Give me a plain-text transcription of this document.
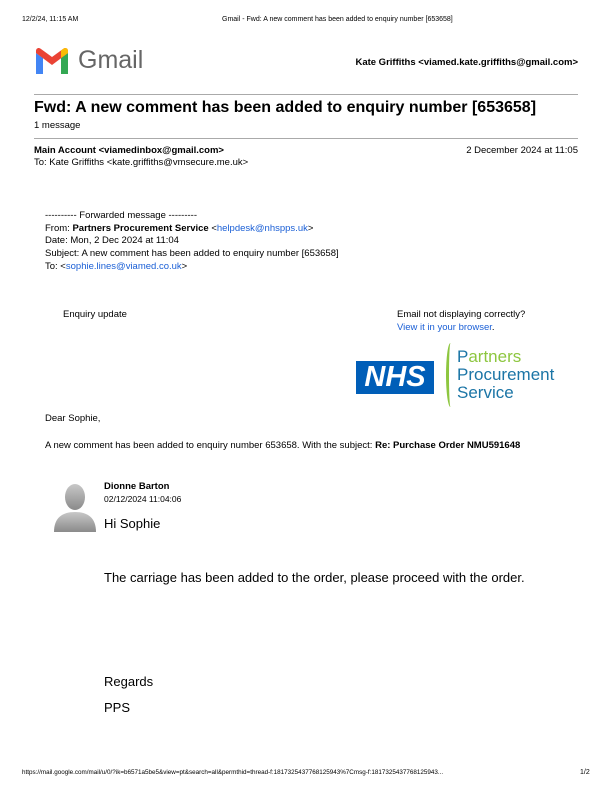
12/2/24, 11:15 AM	Gmail - Fwd: A new comment has been added to enquiry number [653658]
Gmail	Kate Griffiths <viamed.kate.griffiths@gmail.com>
Fwd: A new comment has been added to enquiry number [653658]
1 message
Main Account <viamedinbox@gmail.com>	2 December 2024 at 11:05
To: Kate Griffiths <kate.griffiths@vmsecure.me.uk>
---------- Forwarded message ---------
From: Partners Procurement Service <helpdesk@nhspps.uk>
Date: Mon, 2 Dec 2024 at 11:04
Subject: A new comment has been added to enquiry number [653658]
To: <sophie.lines@viamed.co.uk>
Enquiry update	Email not displaying correctly?
View it in your browser.
NHS
Partners
Procurement
Service
Dear Sophie,
A new comment has been added to enquiry number 653658. With the subject: Re: Purchase Order NMU591648
Dionne Barton
02/12/2024 11:04:06
Hi Sophie
The carriage has been added to the order, please proceed with the order.
Regards
PPS
https://mail.google.com/mail/u/0/?ik=b6571a5be5&view=pt&search=all&permthid=thread-f:1817325437768125943%7Cmsg-f:1817325437768125943...	1/2
